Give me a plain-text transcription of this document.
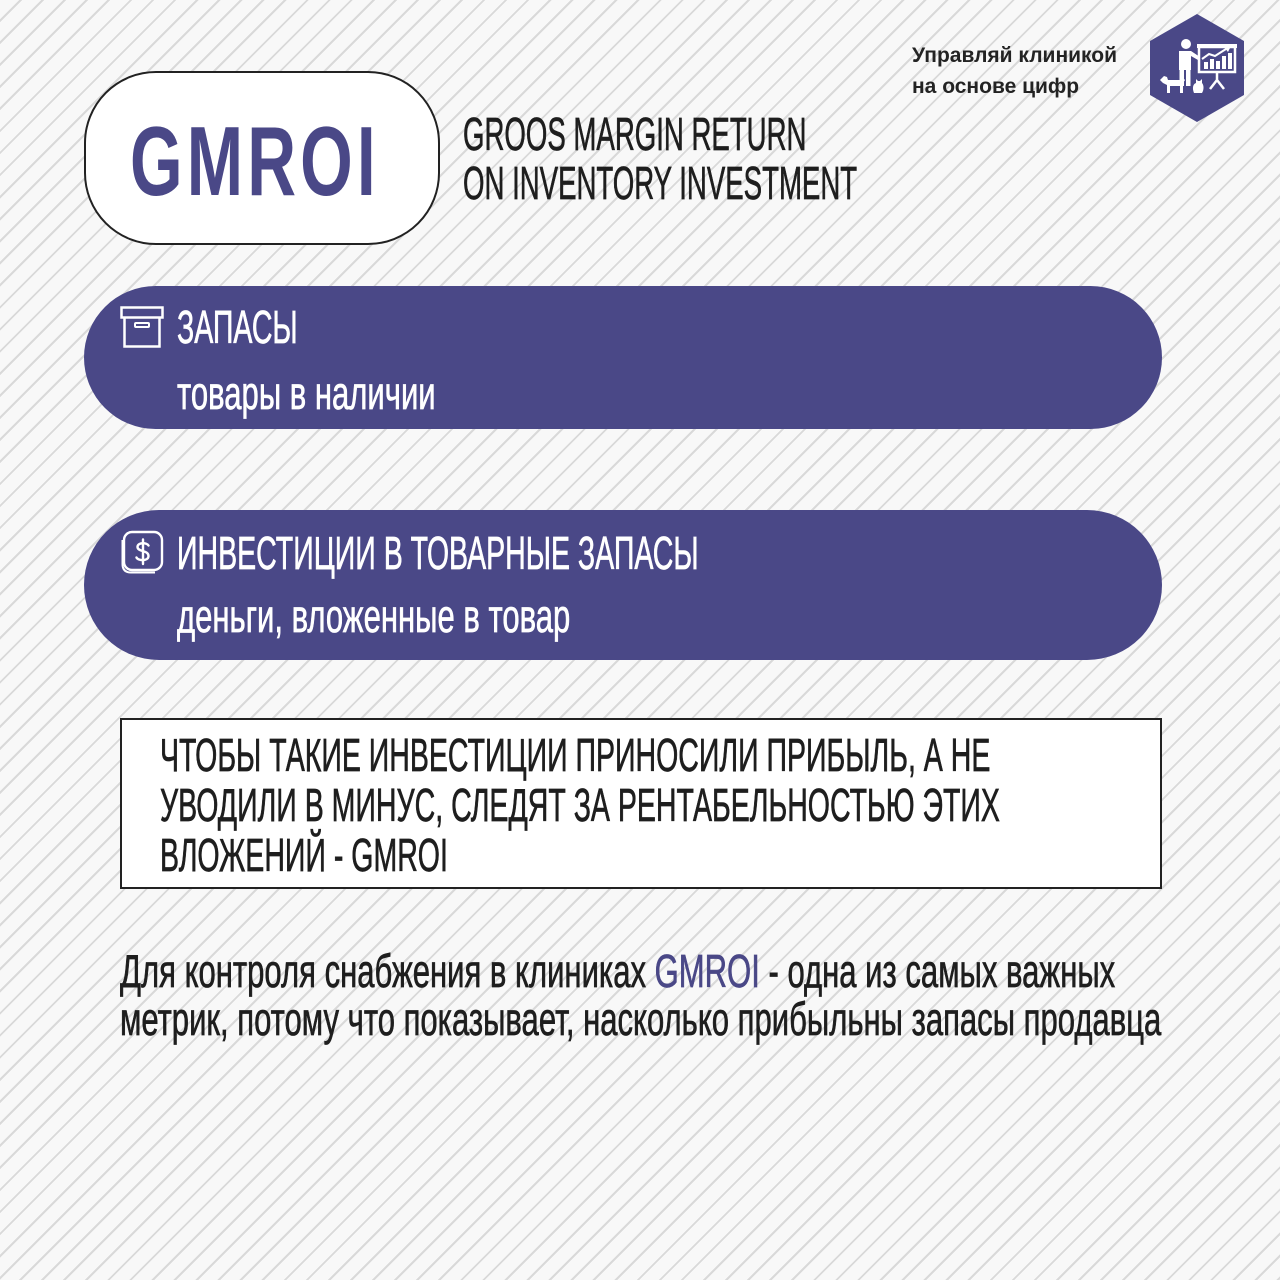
Управляй клиникой
на основе цифр
GMROI GROOS MARGIN RETURN
ON INVENTORY INVESTMENT
ЗАПАСЫ
товары в наличии
ИНВЕСТИЦИИ В ТОВАРНЫЕ ЗАПАСЫ
деньги, вложенные в товар
ЧТОБЫ ТАКИЕ ИНВЕСТИЦИИ ПРИНОСИЛИ ПРИБЫЛЬ, А НЕ
УВОДИЛИ В МИНУС, СЛЕДЯТ ЗА РЕНТАБЕЛЬНОСТЬЮ ЭТИХ
ВЛОЖЕНИЙ - GMROI
Для контроля снабжения в клиниках GMROI - одна из самых важных
метрик, потому что показывает, насколько прибыльны запасы продавца
